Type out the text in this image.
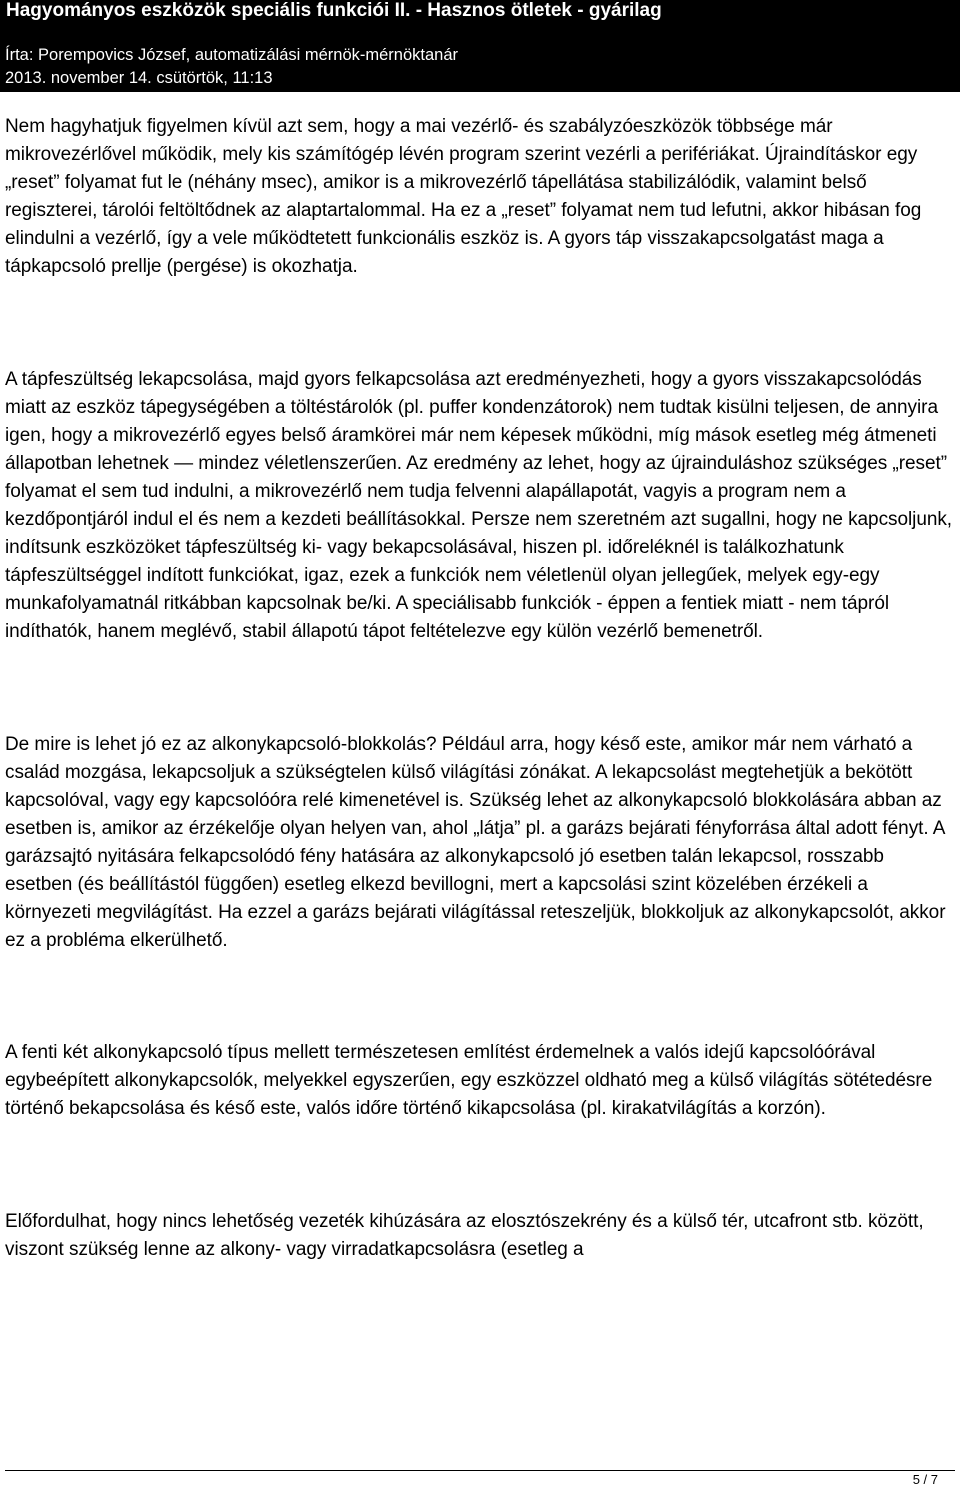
Hagyományos eszközök speciális funkciói II. - Hasznos ötletek - gyárilag
Írta: Porempovics József, automatizálási mérnök-mérnöktanár
2013. november 14. csütörtök, 11:13

Nem hagyhatjuk figyelmen kívül azt sem, hogy a mai vezérlő- és szabályzóeszközök többsége már mikrovezérlővel működik, mely kis számítógép lévén program szerint vezérli a perifériákat. Újraindításkor egy „reset” folyamat fut le (néhány msec), amikor is a mikrovezérlő tápellátása stabilizálódik, valamint belső regiszterei, tárolói feltöltődnek az alaptartalommal. Ha ez a „reset” folyamat nem tud lefutni, akkor hibásan fog elindulni a vezérlő, így a vele működtetett funkcionális eszköz is. A gyors táp visszakapcsolgatást maga a tápkapcsoló prellje (pergése) is okozhatja.

A tápfeszültség lekapcsolása, majd gyors felkapcsolása azt eredményezheti, hogy a gyors visszakapcsolódás miatt az eszköz tápegységében a töltéstárolók (pl. puffer kondenzátorok) nem tudtak kisülni teljesen, de annyira igen, hogy a mikrovezérlő egyes belső áramkörei már nem képesek működni, míg mások esetleg még átmeneti állapotban lehetnek — mindez véletlenszerűen. Az eredmény az lehet, hogy az újrainduláshoz szükséges „reset” folyamat el sem tud indulni, a mikrovezérlő nem tudja felvenni alapállapotát, vagyis a program nem a kezdőpontjáról indul el és nem a kezdeti beállításokkal. Persze nem szeretném azt sugallni, hogy ne kapcsoljunk, indítsunk eszközöket tápfeszültség ki- vagy bekapcsolásával, hiszen pl. időreléknél is találkozhatunk tápfeszültséggel indított funkciókat, igaz, ezek a funkciók nem véletlenül olyan jellegűek, melyek egy-egy munkafolyamatnál ritkábban kapcsolnak be/ki. A speciálisabb funkciók - éppen a fentiek miatt - nem tápról indíthatók, hanem meglévő, stabil állapotú tápot feltételezve egy külön vezérlő bemenetről.

De mire is lehet jó ez az alkonykapcsoló-blokkolás? Például arra, hogy késő este, amikor már nem várható a család mozgása, lekapcsoljuk a szükségtelen külső világítási zónákat. A lekapcsolást megtehetjük a bekötött kapcsolóval, vagy egy kapcsolóóra relé kimenetével is. Szükség lehet az alkonykapcsoló blokkolására abban az esetben is, amikor az érzékelője olyan helyen van, ahol „látja” pl. a garázs bejárati fényforrása által adott fényt. A garázsajtó nyitására felkapcsolódó fény hatására az alkonykapcsoló jó esetben talán lekapcsol, rosszabb esetben (és beállítástól függően) esetleg elkezd bevillogni, mert a kapcsolási szint közelében érzékeli a környezeti megvilágítást. Ha ezzel a garázs bejárati világítással reteszeljük, blokkoljuk az alkonykapcsolót, akkor ez a probléma elkerülhető.

A fenti két alkonykapcsoló típus mellett természetesen említést érdemelnek a valós idejű kapcsolóórával egybeépített alkonykapcsolók, melyekkel egyszerűen, egy eszközzel oldható meg a külső világítás sötétedésre történő bekapcsolása és késő este, valós időre történő kikapcsolása (pl. kirakatvilágítás a korzón).

Előfordulhat, hogy nincs lehetőség vezeték kihúzására az elosztószekrény és a külső tér, utcafront stb. között, viszont szükség lenne az alkony- vagy virradatkapcsolásra (esetleg a

5 / 7
